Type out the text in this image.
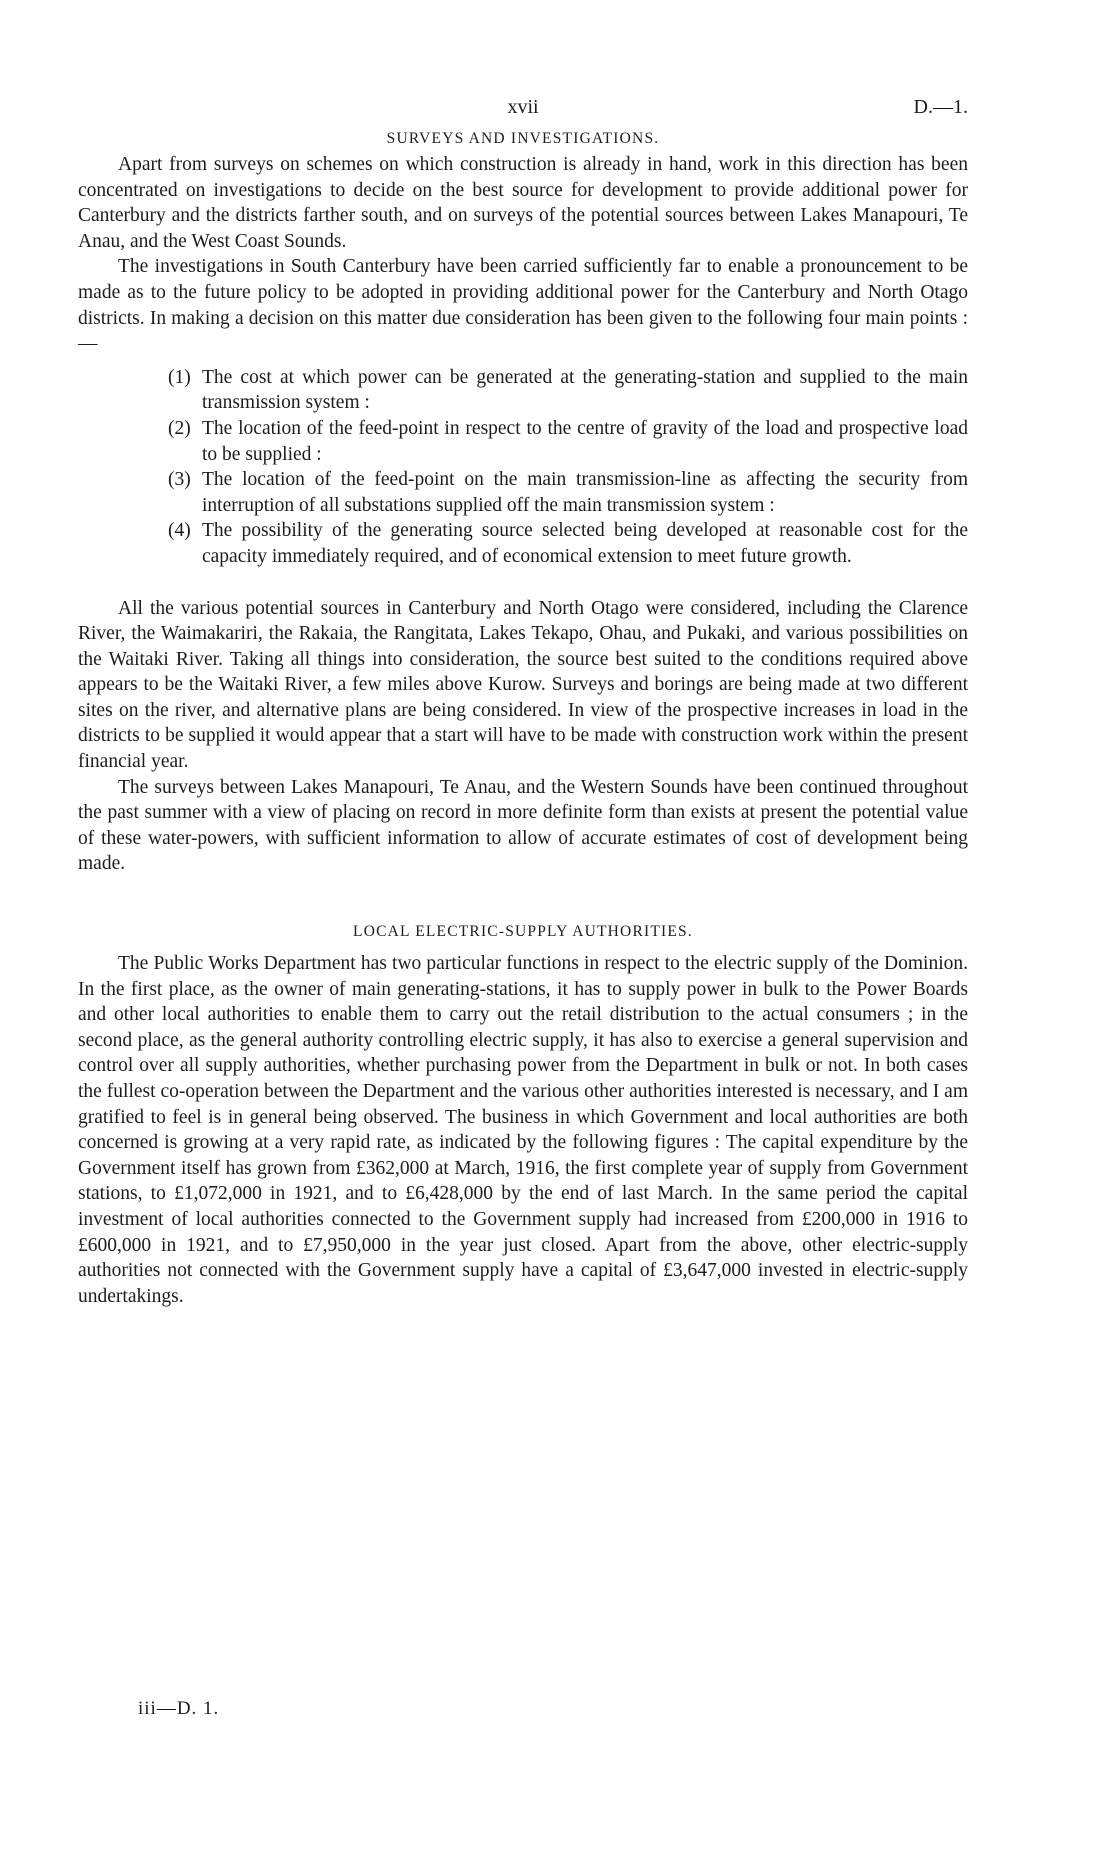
xvii	D.—1.
SURVEYS AND INVESTIGATIONS.

Apart from surveys on schemes on which construction is already in hand, work in this direction has been concentrated on investigations to decide on the best source for development to provide additional power for Canterbury and the districts farther south, and on surveys of the potential sources between Lakes Manapouri, Te Anau, and the West Coast Sounds.

The investigations in South Canterbury have been carried sufficiently far to enable a pronouncement to be made as to the future policy to be adopted in providing additional power for the Canterbury and North Otago districts. In making a decision on this matter due consideration has been given to the following four main points :—

(1) The cost at which power can be generated at the generating-station and supplied to the main transmission system :
(2) The location of the feed-point in respect to the centre of gravity of the load and prospective load to be supplied :
(3) The location of the feed-point on the main transmission-line as affecting the security from interruption of all substations supplied off the main transmission system :
(4) The possibility of the generating source selected being developed at reasonable cost for the capacity immediately required, and of economical extension to meet future growth.

All the various potential sources in Canterbury and North Otago were considered, including the Clarence River, the Waimakariri, the Rakaia, the Rangitata, Lakes Tekapo, Ohau, and Pukaki, and various possibilities on the Waitaki River. Taking all things into consideration, the source best suited to the conditions required above appears to be the Waitaki River, a few miles above Kurow. Surveys and borings are being made at two different sites on the river, and alternative plans are being considered. In view of the prospective increases in load in the districts to be supplied it would appear that a start will have to be made with construction work within the present financial year.

The surveys between Lakes Manapouri, Te Anau, and the Western Sounds have been continued throughout the past summer with a view of placing on record in more definite form than exists at present the potential value of these water-powers, with sufficient information to allow of accurate estimates of cost of development being made.

LOCAL ELECTRIC-SUPPLY AUTHORITIES.

The Public Works Department has two particular functions in respect to the electric supply of the Dominion. In the first place, as the owner of main generating-stations, it has to supply power in bulk to the Power Boards and other local authorities to enable them to carry out the retail distribution to the actual consumers ; in the second place, as the general authority controlling electric supply, it has also to exercise a general supervision and control over all supply authorities, whether purchasing power from the Department in bulk or not. In both cases the fullest co-operation between the Department and the various other authorities interested is necessary, and I am gratified to feel is in general being observed. The business in which Government and local authorities are both concerned is growing at a very rapid rate, as indicated by the following figures : The capital expenditure by the Government itself has grown from £362,000 at March, 1916, the first complete year of supply from Government stations, to £1,072,000 in 1921, and to £6,428,000 by the end of last March. In the same period the capital investment of local authorities connected to the Government supply had increased from £200,000 in 1916 to £600,000 in 1921, and to £7,950,000 in the year just closed. Apart from the above, other electric-supply authorities not connected with the Government supply have a capital of £3,647,000 invested in electric-supply undertakings.

iii—D. 1.
